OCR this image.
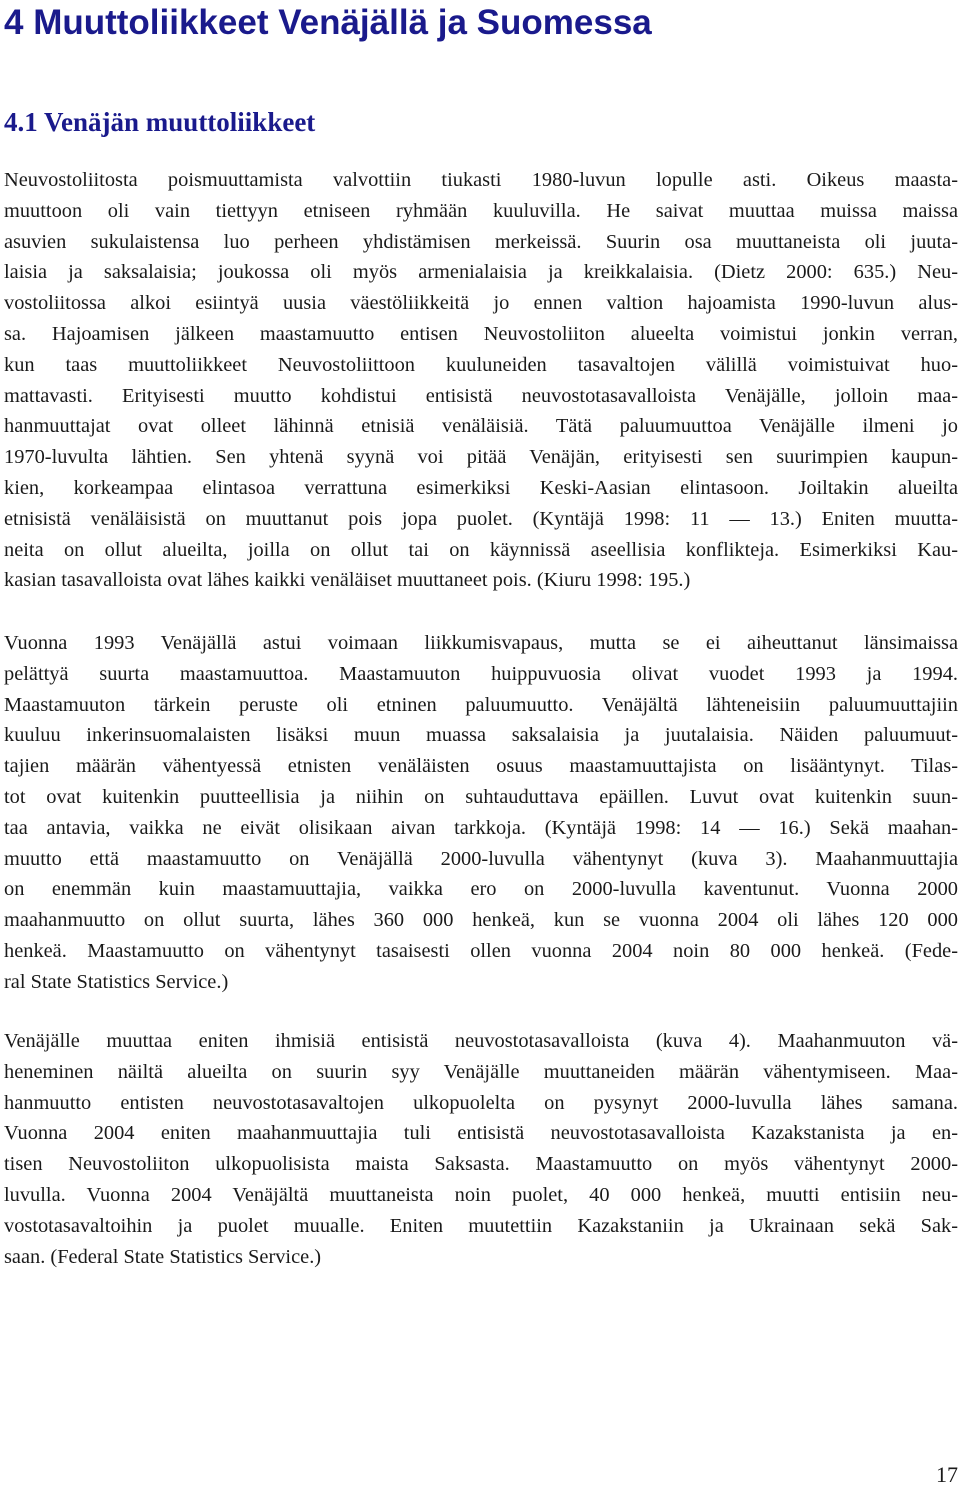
4 Muuttoliikkeet Venäjällä ja Suomessa
4.1 Venäjän muuttoliikkeet

Neuvostoliitosta poismuuttamista valvottiin tiukasti 1980-luvun lopulle asti. Oikeus maasta-
muuttoon oli vain tiettyyn etniseen ryhmään kuuluvilla. He saivat muuttaa muissa maissa
asuvien sukulaistensa luo perheen yhdistämisen merkeissä. Suurin osa muuttaneista oli juuta-
laisia ja saksalaisia; joukossa oli myös armenialaisia ja kreikkalaisia. (Dietz 2000: 635.) Neu-
vostoliitossa alkoi esiintyä uusia väestöliikkeitä jo ennen valtion hajoamista 1990-luvun alus-
sa. Hajoamisen jälkeen maastamuutto entisen Neuvostoliiton alueelta voimistui jonkin verran,
kun taas muuttoliikkeet Neuvostoliittoon kuuluneiden tasavaltojen välillä voimistuivat huo-
mattavasti. Erityisesti muutto kohdistui entisistä neuvostotasavalloista Venäjälle, jolloin maa-
hanmuuttajat ovat olleet lähinnä etnisiä venäläisiä. Tätä paluumuuttoa Venäjälle ilmeni jo
1970-luvulta lähtien. Sen yhtenä syynä voi pitää Venäjän, erityisesti sen suurimpien kaupun-
kien, korkeampaa elintasoa verrattuna esimerkiksi Keski-Aasian elintasoon. Joiltakin alueilta
etnisistä venäläisistä on muuttanut pois jopa puolet. (Kyntäjä 1998: 11 — 13.) Eniten muutta-
neita on ollut alueilta, joilla on ollut tai on käynnissä aseellisia konflikteja. Esimerkiksi Kau-
kasian tasavalloista ovat lähes kaikki venäläiset muuttaneet pois. (Kiuru 1998: 195.)

Vuonna 1993 Venäjällä astui voimaan liikkumisvapaus, mutta se ei aiheuttanut länsimaissa
pelättyä suurta maastamuuttoa. Maastamuuton huippuvuosia olivat vuodet 1993 ja 1994.
Maastamuuton tärkein peruste oli etninen paluumuutto. Venäjältä lähteneisiin paluumuuttajiin
kuuluu inkerinsuomalaisten lisäksi muun muassa saksalaisia ja juutalaisia. Näiden paluumuut-
tajien määrän vähentyessä etnisten venäläisten osuus maastamuuttajista on lisääntynyt. Tilas-
tot ovat kuitenkin puutteellisia ja niihin on suhtauduttava epäillen. Luvut ovat kuitenkin suun-
taa antavia, vaikka ne eivät olisikaan aivan tarkkoja. (Kyntäjä 1998: 14 — 16.) Sekä maahan-
muutto että maastamuutto on Venäjällä 2000-luvulla vähentynyt (kuva 3). Maahanmuuttajia
on enemmän kuin maastamuuttajia, vaikka ero on 2000-luvulla kaventunut. Vuonna 2000
maahanmuutto on ollut suurta, lähes 360 000 henkeä, kun se vuonna 2004 oli lähes 120 000
henkeä. Maastamuutto on vähentynyt tasaisesti ollen vuonna 2004 noin 80 000 henkeä. (Fede-
ral State Statistics Service.)

Venäjälle muuttaa eniten ihmisiä entisistä neuvostotasavalloista (kuva 4). Maahanmuuton vä-
heneminen näiltä alueilta on suurin syy Venäjälle muuttaneiden määrän vähentymiseen. Maa-
hanmuutto entisten neuvostotasavaltojen ulkopuolelta on pysynyt 2000-luvulla lähes samana.
Vuonna 2004 eniten maahanmuuttajia tuli entisistä neuvostotasavalloista Kazakstanista ja en-
tisen Neuvostoliiton ulkopuolisista maista Saksasta. Maastamuutto on myös vähentynyt 2000-
luvulla. Vuonna 2004 Venäjältä muuttaneista noin puolet, 40 000 henkeä, muutti entisiin neu-
vostotasavaltoihin ja puolet muualle. Eniten muutettiin Kazakstaniin ja Ukrainaan sekä Sak-
saan. (Federal State Statistics Service.)

17
